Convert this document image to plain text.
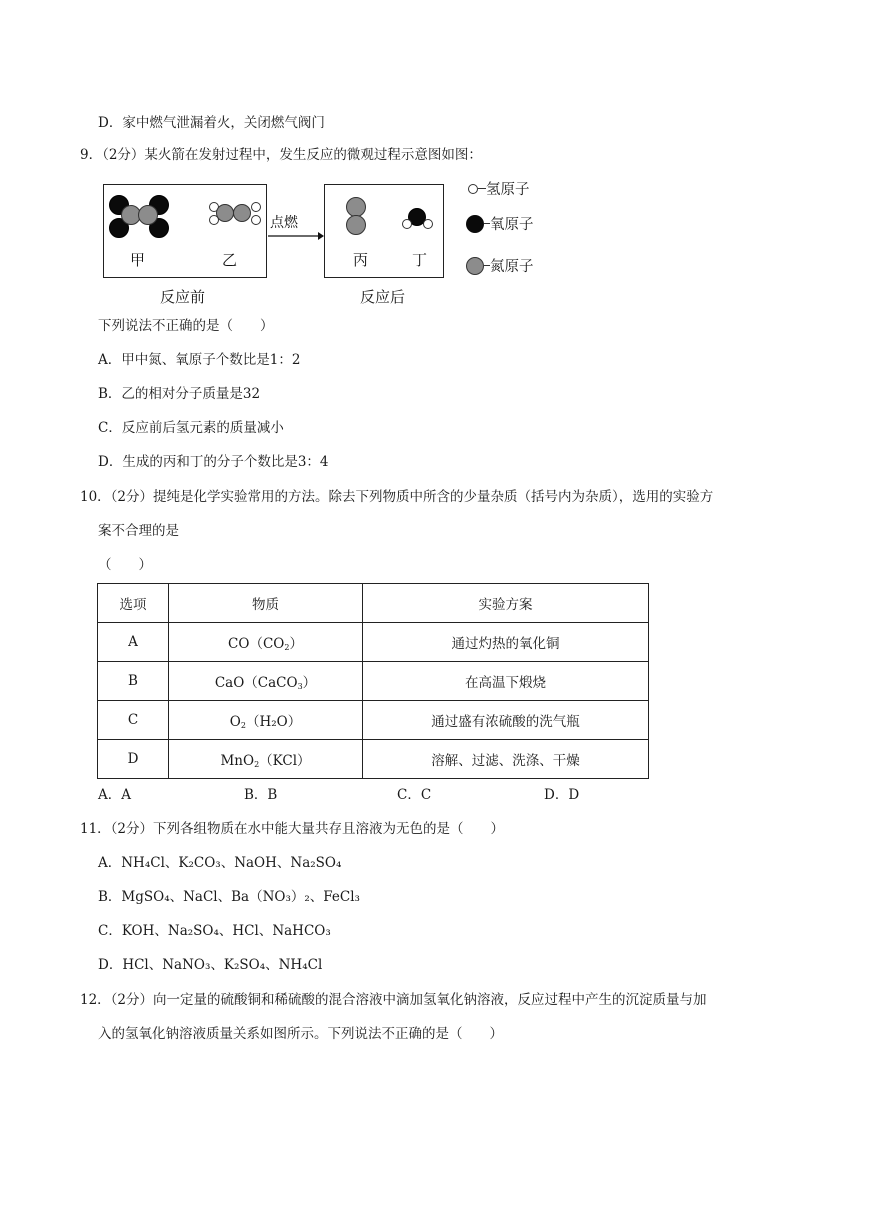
D．家中燃气泄漏着火，关闭燃气阀门
9．（2分）某火箭在发射过程中，发生反应的微观过程示意图如图：
甲	乙
点燃
丙	丁
反应前	反应后
氢原子
氧原子
氮原子
下列说法不正确的是（　　）
A．甲中氮、氧原子个数比是1：2
B．乙的相对分子质量是32
C．反应前后氢元素的质量减小
D．生成的丙和丁的分子个数比是3：4
10．（2分）提纯是化学实验常用的方法。除去下列物质中所含的少量杂质（括号内为杂质），选用的实验方
案不合理的是
（　　）
选项	物质	实验方案
A	$CO(CO_2)$	通过灼热的氧化铜
B	CaO（CaCO$_3$）	在高温下煅烧
C	$O_2(H_2O)$	通过盛有浓硫酸的洗气瓶
D	MnO$_2$（KCl）	溶解、过滤、洗涤、干燥
A．A	B．B	C．C	D．D
11．（2分）下列各组物质在水中能大量共存且溶液为无色的是（　　）
A．NH₄Cl、K₂CO₃、NaOH、Na₂SO₄
B．MgSO₄、NaCl、Ba（NO₃）₂、FeCl₃
C．KOH、Na₂SO₄、HCl、NaHCO₃
D．HCl、NaNO₃、K₂SO₄、NH₄Cl
12．（2分）向一定量的硫酸铜和稀硫酸的混合溶液中滴加氢氧化钠溶液，反应过程中产生的沉淀质量与加
入的氢氧化钠溶液质量关系如图所示。下列说法不正确的是（　　）
